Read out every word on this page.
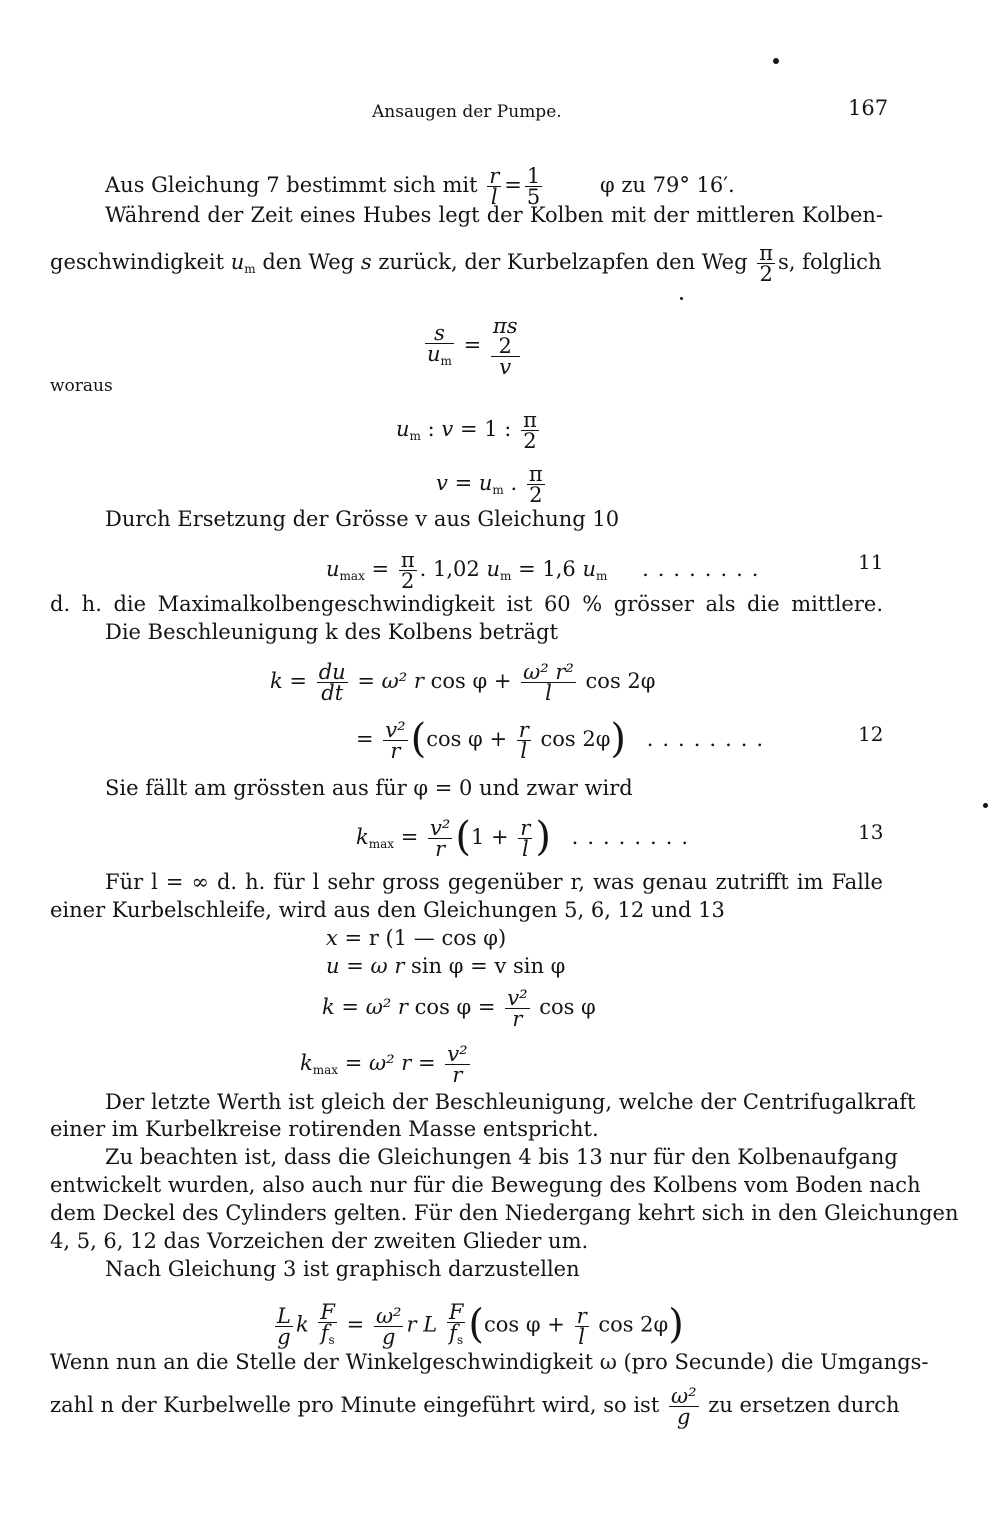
Ansaugen der Pumpe.	167
Aus Gleichung 7 bestimmt sich mit $\frac{r}{l} = \frac{1}{5}$	φ zu 79° 16′.
Während der Zeit eines Hubes legt der Kolben mit der mittleren Kolben-
geschwindigkeit $u_m$ den Weg s zurück, der Kurbelzapfen den Weg $\frac{\pi}{2} s$, folglich
$\frac{s}{u_m}$ =
πs
2
v
woraus
$u_m$ : v = 1 : $\frac{\pi}{2}$
$v = u_m$ . $\frac{\pi}{2}$
Durch Ersetzung der Grösse v aus Gleichung 10
$u_{max} = \frac{\pi}{2}$ . 1,02 $u_m = 1,6$ $u_m$ ........	11
d. h. die Maximalkolbengeschwindigkeit ist 60 % grösser als die mittlere.
Die Beschleunigung k des Kolbens beträgt
$k = \frac{du}{dt} = \omega^2$ r $\cos \varphi + \frac{\text{ω² r²}}{l}$ cos 2φ
= $\frac{\text{v²}}{r} (\cos$ $\varphi + \frac{r}{l}$ cos 2φ) ........	12
Sie fällt am grössten aus für φ = 0 und zwar wird
$k_{max} = \frac{\text{v²}}{r} (1 + \frac{r}{l}$ ) ........	13
Für l = ∞ d. h. für l sehr gross gegenüber r, was genau zutrifft im Falle
einer Kurbelschleife, wird aus den Gleichungen 5, 6, 12 und 13
x = r (1 — cos φ)
u = ω r sin φ = v sin φ
k = ω² r $\cos \varphi = \frac{\text{v²}}{r}$ cos φ
$k_{max} = \omega^2$ $r = \frac{\text{v²}}{r}$
Der letzte Werth ist gleich der Beschleunigung, welche der Centrifugalkraft
einer im Kurbelkreise rotirenden Masse entspricht.
Zu beachten ist, dass die Gleichungen 4 bis 13 nur für den Kolbenaufgang
entwickelt wurden, also auch nur für die Bewegung des Kolbens vom Boden nach
dem Deckel des Cylinders gelten. Für den Niedergang kehrt sich in den Gleichungen
4, 5, 6, 12 das Vorzeichen der zweiten Glieder um.
Nach Gleichung 3 ist graphisch darzustellen
$\frac{L}{g}$ k $\frac{F}{f_s} = \frac{\text{ω²}}{g}$ r L $\frac{F}{f_s} (\cos$ $\varphi + \frac{r}{l}$ cos 2φ)
Wenn nun an die Stelle der Winkelgeschwindigkeit ω (pro Secunde) die Umgangs-
zahl n der Kurbelwelle pro Minute eingeführt wird, so ist $\frac{\text{ω²}}{g}$ zu ersetzen durch
